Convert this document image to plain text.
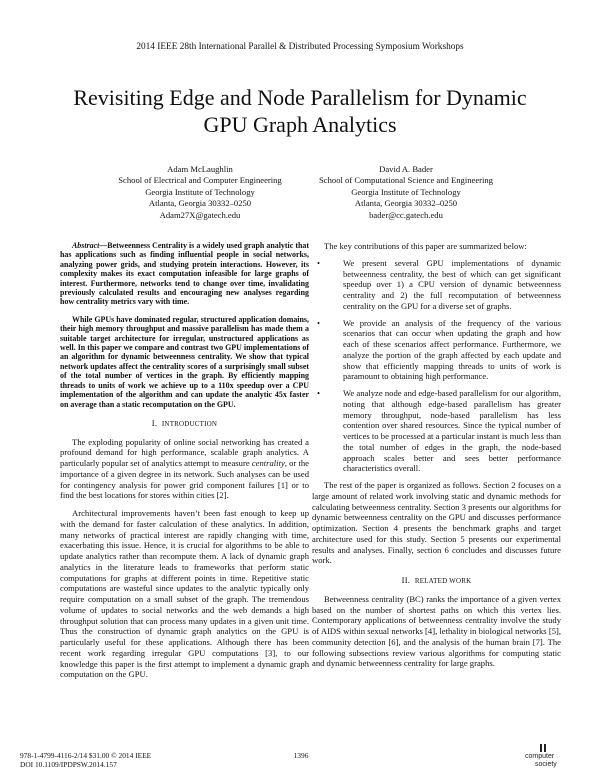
2014 IEEE 28th International Parallel & Distributed Processing Symposium Workshops
Revisiting Edge and Node Parallelism for Dynamic
GPU Graph Analytics
Adam McLaughlin
School of Electrical and Computer Engineering
Georgia Institute of Technology
Atlanta, Georgia 30332–0250
Adam27X@gatech.edu
David A. Bader
School of Computational Science and Engineering
Georgia Institute of Technology
Atlanta, Georgia 30332–0250
bader@cc.gatech.edu

Abstract—Betweenness Centrality is a widely used graph analytic that has applications such as finding influential people in social networks, analyzing power grids, and studying protein interactions. However, its complexity makes its exact computation infeasible for large graphs of interest. Furthermore, networks tend to change over time, invalidating previously calculated results and encouraging new analyses regarding how centrality metrics vary with time.

While GPUs have dominated regular, structured application domains, their high memory throughput and massive parallelism has made them a suitable target architecture for irregular, unstructured applications as well. In this paper we compare and contrast two GPU implementations of an algorithm for dynamic betweenness centrality. We show that typical network updates affect the centrality scores of a surprisingly small subset of the total number of vertices in the graph. By efficiently mapping threads to units of work we achieve up to a 110x speedup over a CPU implementation of the algorithm and can update the analytic 45x faster on average than a static recomputation on the GPU.

I. INTRODUCTION

The exploding popularity of online social networking has created a profound demand for high performance, scalable graph analytics. A particularly popular set of analytics attempt to measure centrality, or the importance of a given degree in its network. Such analyses can be used for contingency analysis for power grid component failures [1] or to find the best locations for stores within cities [2].

Architectural improvements haven’t been fast enough to keep up with the demand for faster calculation of these analytics. In addition, many networks of practical interest are rapidly changing with time, exacerbating this issue. Hence, it is crucial for algorithms to be able to update analytics rather than recompute them. A lack of dynamic graph analytics in the literature leads to frameworks that perform static computations for graphs at different points in time. Repetitive static computations are wasteful since updates to the analytic typically only require computation on a small subset of the graph. The tremendous volume of updates to social networks and the web demands a high throughput solution that can process many updates in a given unit time. Thus the construction of dynamic graph analytics on the GPU is particularly useful for these applications. Although there has been recent work regarding irregular GPU computations [3], to our knowledge this paper is the first attempt to implement a dynamic graph computation on the GPU.

The key contributions of this paper are summarized below:

•	We present several GPU implementations of dynamic betweenness centrality, the best of which can get significant speedup over 1) a CPU version of dynamic betweenness centrality and 2) the full recomputation of betweenness centrality on the GPU for a diverse set of graphs.
•	We provide an analysis of the frequency of the various scenarios that can occur when updating the graph and how each of these scenarios affect performance. Furthermore, we analyze the portion of the graph affected by each update and show that efficiently mapping threads to units of work is paramount to obtaining high performance.
•	We analyze node and edge-based parallelism for our algorithm, noting that although edge-based parallelism has greater memory throughput, node-based parallelism has less contention over shared resources. Since the typical number of vertices to be processed at a particular instant is much less than the total number of edges in the graph, the node-based approach scales better and sees better performance characteristics overall.

The rest of the paper is organized as follows. Section 2 focuses on a large amount of related work involving static and dynamic methods for calculating betweenness centrality. Section 3 presents our algorithms for dynamic betweenness centrality on the GPU and discusses performance optimization. Section 4 presents the benchmark graphs and target architecture used for this study. Section 5 presents our experimental results and analyses. Finally, section 6 concludes and discusses future work.

II. RELATED WORK

Betweenness centrality (BC) ranks the importance of a given vertex based on the number of shortest paths on which this vertex lies. Contemporary applications of betweenness centrality involve the study of AIDS within sexual networks [4], lethality in biological networks [5], community detection [6], and the analysis of the human brain [7]. The following subsections review various algorithms for computing static and dynamic betweenness centrality for large graphs.

978-1-4799-4116-2/14 $31.00 © 2014 IEEE
DOI 10.1109/IPDPSW.2014.157
1396	computer
society
